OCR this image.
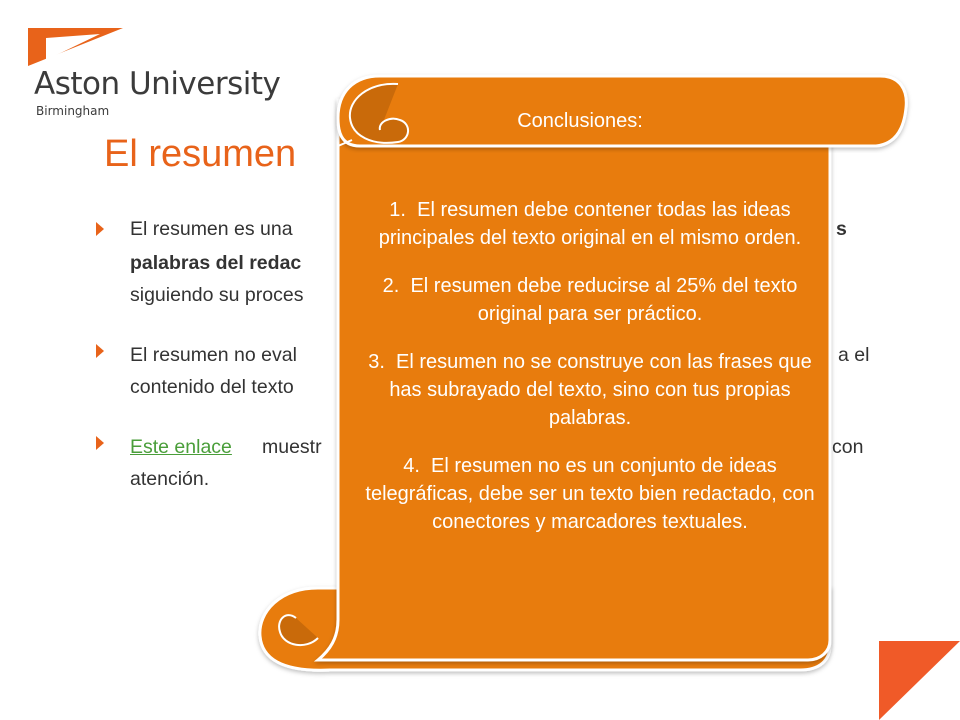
Aston University
Birmingham
El resumen
El resumen es una	s
palabras del redac
siguiendo su proces
El resumen no eval	a el
contenido del texto
Este enlace muestr	con
atención.
Conclusiones:
1. El resumen debe contener todas las ideas principales del texto original en el mismo orden.
2. El resumen debe reducirse al 25% del texto original para ser práctico.
3. El resumen no se construye con las frases que has subrayado del texto, sino con tus propias palabras.
4. El resumen no es un conjunto de ideas telegráficas, debe ser un texto bien redactado, con conectores y marcadores textuales.
